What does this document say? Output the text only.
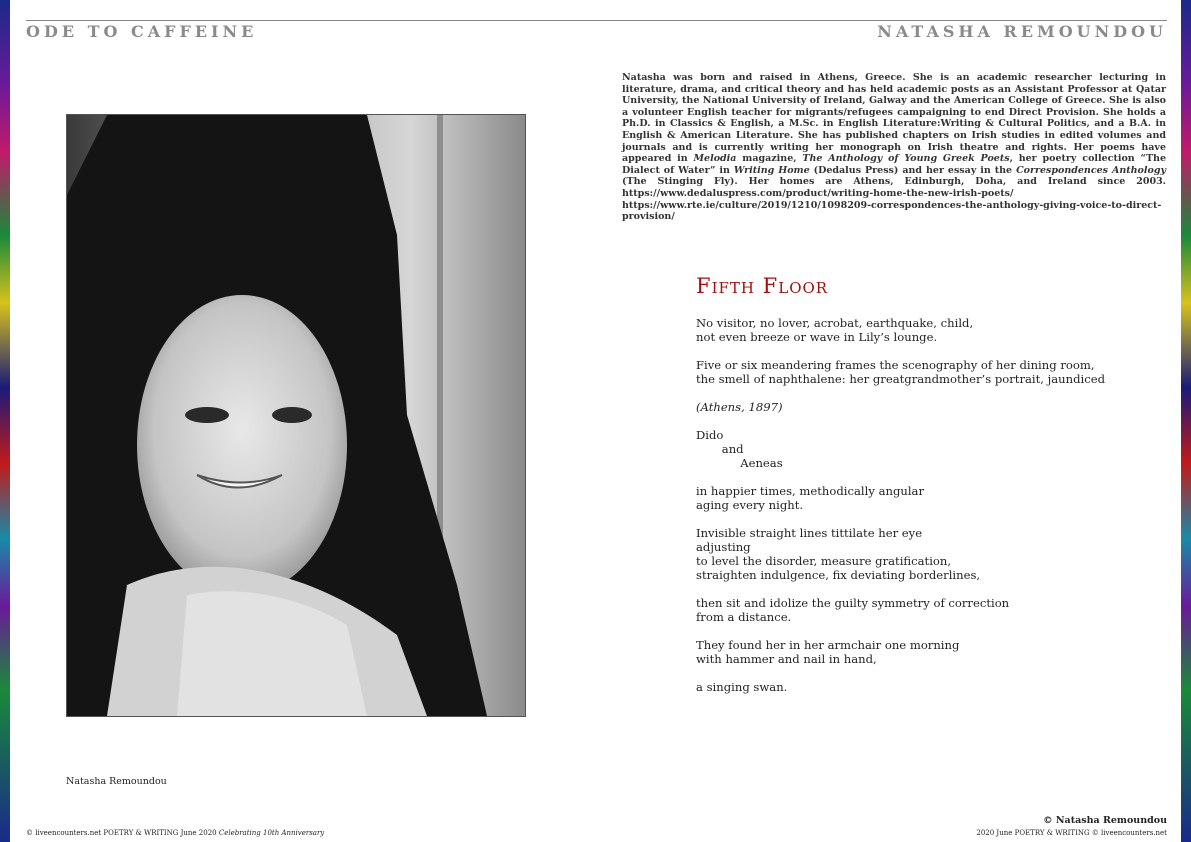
ODE TO CAFFEINE	NATASHA REMOUNDOU
Natasha Remoundou
Natasha was born and raised in Athens, Greece. She is an academic researcher lecturing in literature, drama, and critical theory and has held academic posts as an Assistant Professor at Qatar University, the National University of Ireland, Galway and the American College of Greece. She is also a volunteer English teacher for migrants/refugees campaigning to end Direct Provision. She holds a Ph.D. in Classics & English, a M.Sc. in English Literature:Writing & Cultural Politics, and a B.A. in English & American Literature. She has published chapters on Irish studies in edited volumes and journals and is currently writing her monograph on Irish theatre and rights. Her poems have appeared in Melodia magazine, The Anthology of Young Greek Poets, her poetry collection “The Dialect of Water” in Writing Home (Dedalus Press) and her essay in the Correspondences Anthology (The Stinging Fly). Her homes are Athens, Edinburgh, Doha, and Ireland since 2003. https://www.dedaluspress.com/product/writing-home-the-new-irish-poets/ https://www.rte.ie/culture/2019/1210/1098209-correspondences-the-anthology-giving-voice-to-direct-provision/
Fifth Floor
No visitor, no lover, acrobat, earthquake, child,
not even breeze or wave in Lily’s lounge.
Five or six meandering frames the scenography of her dining room,
the smell of naphthalene: her greatgrandmother’s portrait, jaundiced
(Athens, 1897)
Dido
and
Aeneas
in happier times, methodically angular
aging every night.
Invisible straight lines tittilate her eye
adjusting
to level the disorder, measure gratification,
straighten indulgence, fix deviating borderlines,
then sit and idolize the guilty symmetry of correction
from a distance.
They found her in her armchair one morning
with hammer and nail in hand,
a singing swan.
© liveencounters.net POETRY & WRITING June 2020 Celebrating 10th Anniversary
© Natasha Remoundou
2020 June POETRY & WRITING © liveencounters.net
